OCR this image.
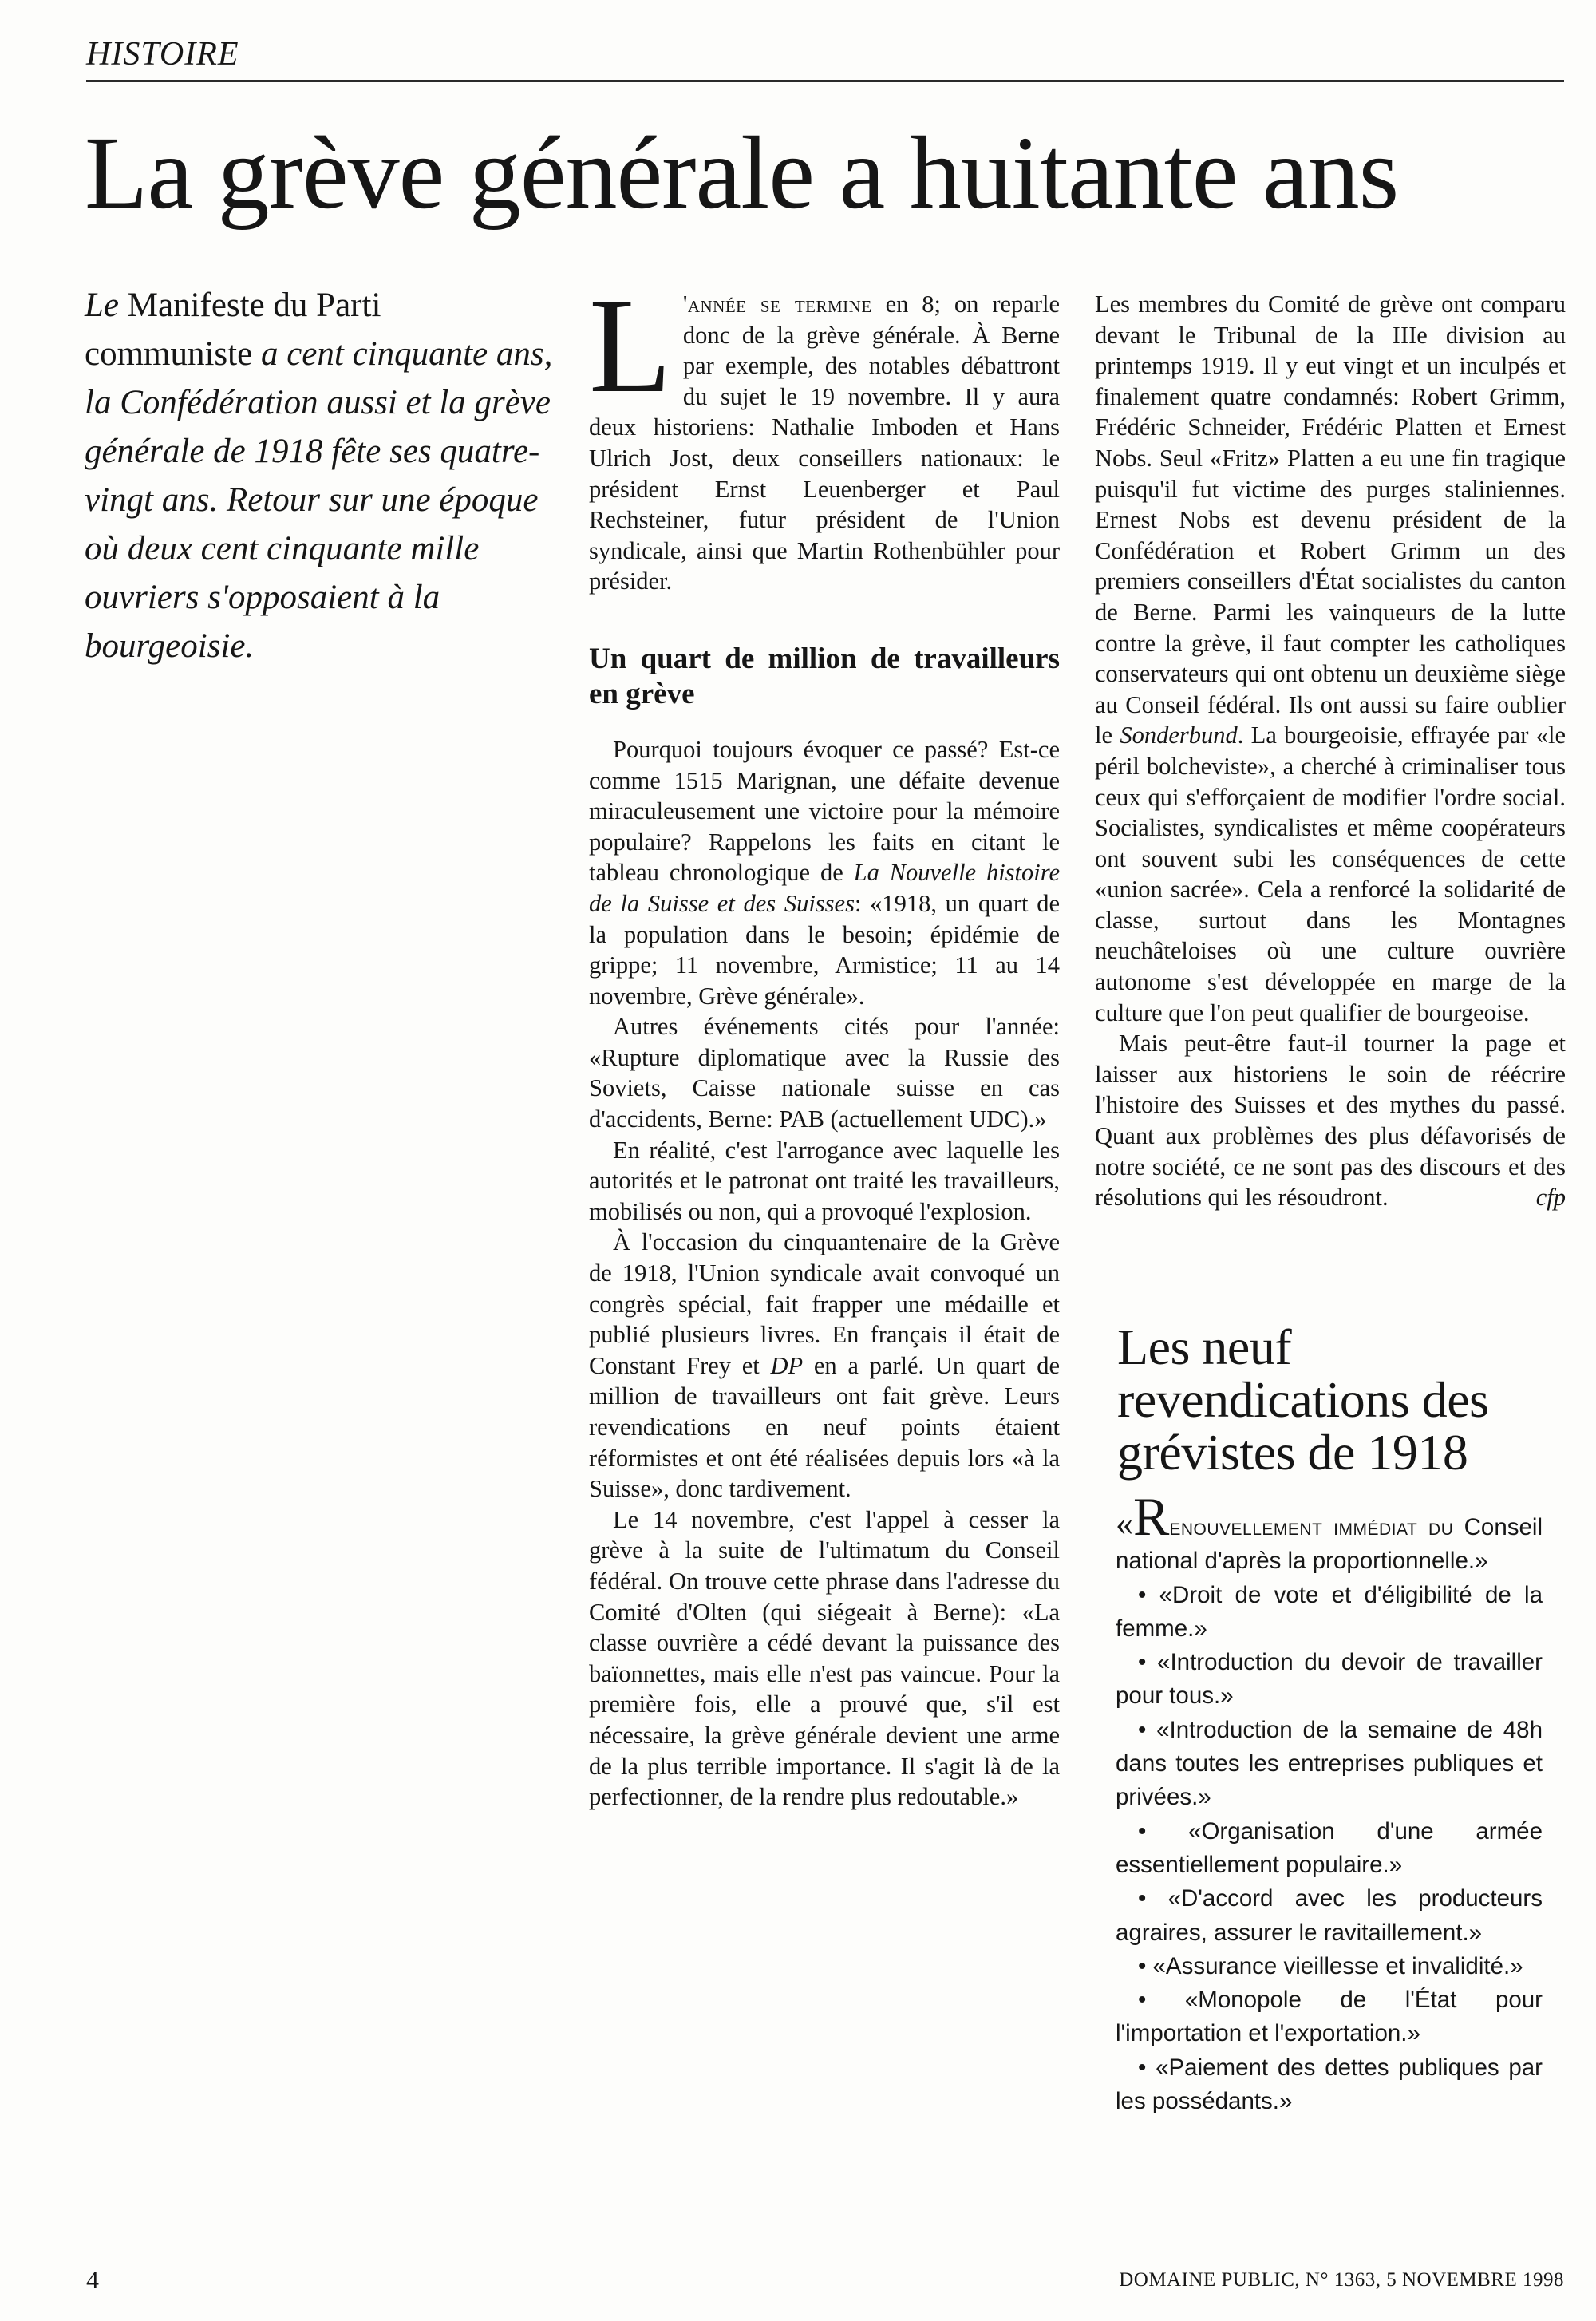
HISTOIRE
La grève générale a huitante ans

Le Manifeste du Parti communiste a cent cinquante ans, la Confédération aussi et la grève générale de 1918 fête ses quatre-vingt ans. Retour sur une époque où deux cent cinquante mille ouvriers s'opposaient à la bourgeoisie.

L 'année se termine en 8; on reparle donc de la grève générale. À Berne par exemple, des notables débattront du sujet le 19 novembre. Il y aura deux historiens: Nathalie Imboden et Hans Ulrich Jost, deux conseillers nationaux: le président Ernst Leuenberger et Paul Rechsteiner, futur président de l'Union syndicale, ainsi que Martin Rothenbühler pour présider.

Un quart de million de travailleurs en grève

Pourquoi toujours évoquer ce passé? Est-ce comme 1515 Marignan, une défaite devenue miraculeusement une victoire pour la mémoire populaire? Rappelons les faits en citant le tableau chronologique de La Nouvelle histoire de la Suisse et des Suisses: «1918, un quart de la population dans le besoin; épidémie de grippe; 11 novembre, Armistice; 11 au 14 novembre, Grève générale».

Autres événements cités pour l'année: «Rupture diplomatique avec la Russie des Soviets, Caisse nationale suisse en cas d'accidents, Berne: PAB (actuellement UDC).»

En réalité, c'est l'arrogance avec laquelle les autorités et le patronat ont traité les travailleurs, mobilisés ou non, qui a provoqué l'explosion.

À l'occasion du cinquantenaire de la Grève de 1918, l'Union syndicale avait convoqué un congrès spécial, fait frapper une médaille et publié plusieurs livres. En français il était de Constant Frey et DP en a parlé. Un quart de million de travailleurs ont fait grève. Leurs revendications en neuf points étaient réformistes et ont été réalisées depuis lors «à la Suisse», donc tardivement.

Le 14 novembre, c'est l'appel à cesser la grève à la suite de l'ultimatum du Conseil fédéral. On trouve cette phrase dans l'adresse du Comité d'Olten (qui siégeait à Berne): «La classe ouvrière a cédé devant la puissance des baïonnettes, mais elle n'est pas vaincue. Pour la première fois, elle a prouvé que, s'il est nécessaire, la grève générale devient une arme de la plus terrible importance. Il s'agit là de la perfectionner, de la rendre plus redoutable.»

Les membres du Comité de grève ont comparu devant le Tribunal de la IIIe division au printemps 1919. Il y eut vingt et un inculpés et finalement quatre condamnés: Robert Grimm, Frédéric Schneider, Frédéric Platten et Ernest Nobs. Seul «Fritz» Platten a eu une fin tragique puisqu'il fut victime des purges staliniennes. Ernest Nobs est devenu président de la Confédération et Robert Grimm un des premiers conseillers d'État socialistes du canton de Berne. Parmi les vainqueurs de la lutte contre la grève, il faut compter les catholiques conservateurs qui ont obtenu un deuxième siège au Conseil fédéral. Ils ont aussi su faire oublier le Sonderbund. La bourgeoisie, effrayée par «le péril bolcheviste», a cherché à criminaliser tous ceux qui s'efforçaient de modifier l'ordre social. Socialistes, syndicalistes et même coopérateurs ont souvent subi les conséquences de cette «union sacrée». Cela a renforcé la solidarité de classe, surtout dans les Montagnes neuchâteloises où une culture ouvrière autonome s'est développée en marge de la culture que l'on peut qualifier de bourgeoise.

Mais peut-être faut-il tourner la page et laisser aux historiens le soin de réécrire l'histoire des Suisses et des mythes du passé. Quant aux problèmes des plus défavorisés de notre société, ce ne sont pas des discours et des résolutions qui les résoudront.	cfp

Les neuf revendications des grévistes de 1918

«Renouvellement immédiat du Conseil national d'après la proportionnelle.»

• «Droit de vote et d'éligibilité de la femme.»

• «Introduction du devoir de travailler pour tous.»

• «Introduction de la semaine de 48h dans toutes les entreprises publiques et privées.»

• «Organisation d'une armée essentiellement populaire.»

• «D'accord avec les producteurs agraires, assurer le ravitaillement.»

• «Assurance vieillesse et invalidité.»

• «Monopole de l'État pour l'importation et l'exportation.»

• «Paiement des dettes publiques par les possédants.»

4	DOMAINE PUBLIC, N° 1363, 5 NOVEMBRE 1998
